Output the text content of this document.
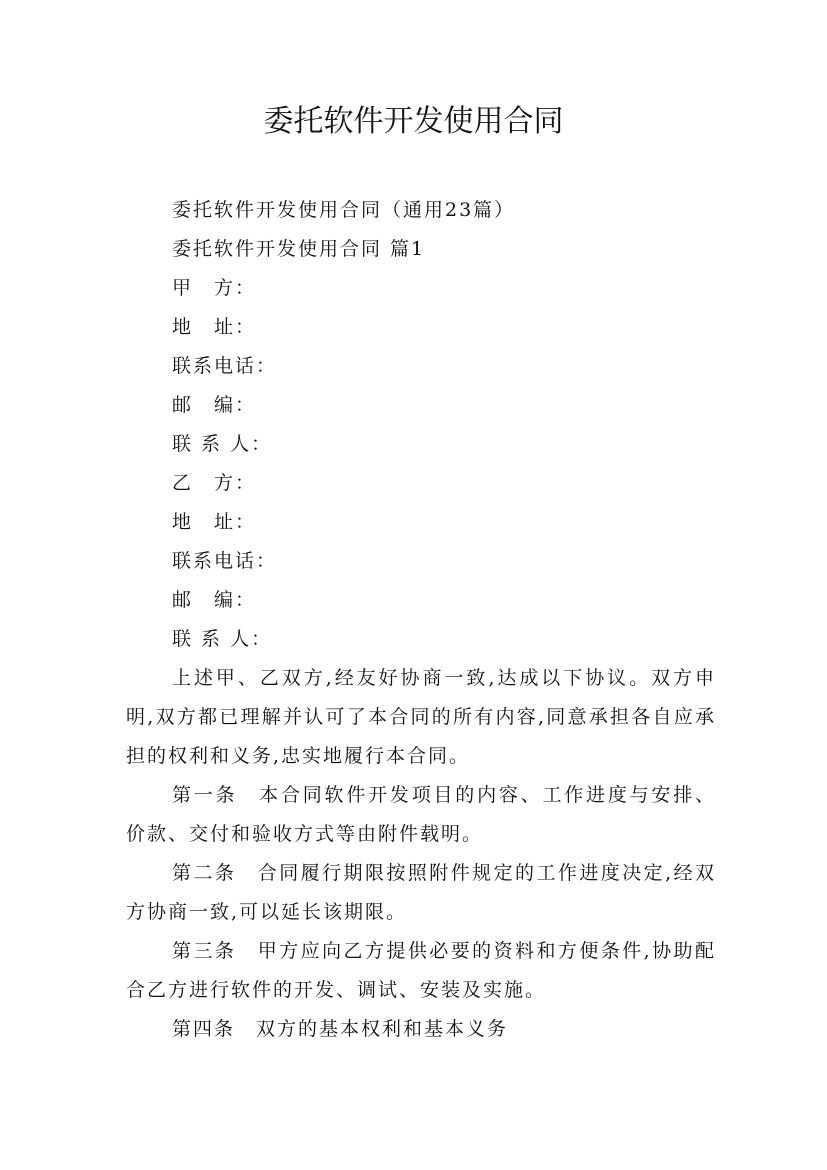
委托软件开发使用合同

委托软件开发使用合同（通用23篇）

委托软件开发使用合同 篇1

甲　方：

地　址：

联系电话：

邮　编：

联 系 人：

乙　方：

地　址：

联系电话：

邮　编：

联 系 人：

上述甲、乙双方,经友好协商一致,达成以下协议。双方申明,双方都已理解并认可了本合同的所有内容,同意承担各自应承担的权利和义务,忠实地履行本合同。

第一条　本合同软件开发项目的内容、工作进度与安排、价款、交付和验收方式等由附件载明。

第二条　合同履行期限按照附件规定的工作进度决定,经双方协商一致,可以延长该期限。

第三条　甲方应向乙方提供必要的资料和方便条件,协助配合乙方进行软件的开发、调试、安装及实施。

第四条　双方的基本权利和基本义务
